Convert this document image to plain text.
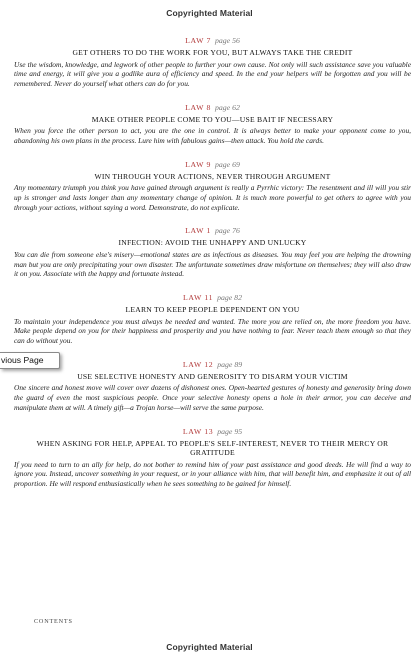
Copyrighted Material
LAW 7 page 56
GET OTHERS TO DO THE WORK FOR YOU, BUT ALWAYS TAKE THE CREDIT
Use the wisdom, knowledge, and legwork of other people to further your own cause. Not only will such assistance save you valuable time and energy, it will give you a godlike aura of efficiency and speed. In the end your helpers will be forgotten and you will be remembered. Never do yourself what others can do for you.
LAW 8 page 62
MAKE OTHER PEOPLE COME TO YOU—USE BAIT IF NECESSARY
When you force the other person to act, you are the one in control. It is always better to make your opponent come to you, abandoning his own plans in the process. Lure him with fabulous gains—then attack. You hold the cards.
LAW 9 page 69
WIN THROUGH YOUR ACTIONS, NEVER THROUGH ARGUMENT
Any momentary triumph you think you have gained through argument is really a Pyrrhic victory: The resentment and ill will you stir up is stronger and lasts longer than any momentary change of opinion. It is much more powerful to get others to agree with you through your actions, without saying a word. Demonstrate, do not explicate.
LAW 1 page 76
INFECTION: AVOID THE UNHAPPY AND UNLUCKY
You can die from someone else's misery—emotional states are as infectious as diseases. You may feel you are helping the drowning man but you are only precipitating your own disaster. The unfortunate sometimes draw misfortune on themselves; they will also draw it on you. Associate with the happy and fortunate instead.
LAW 11 page 82
LEARN TO KEEP PEOPLE DEPENDENT ON YOU
To maintain your independence you must always be needed and wanted. The more you are relied on, the more freedom you have. Make people depend on you for their happiness and prosperity and you have nothing to fear. Never teach them enough so that they can do without you.
LAW 12 page 89
USE SELECTIVE HONESTY AND GENEROSITY TO DISARM YOUR VICTIM
One sincere and honest move will cover over dozens of dishonest ones. Open-hearted gestures of honesty and generosity bring down the guard of even the most suspicious people. Once your selective honesty opens a hole in their armor, you can deceive and manipulate them at will. A timely gift—a Trojan horse—will serve the same purpose.
LAW 13 page 95
WHEN ASKING FOR HELP, APPEAL TO PEOPLE'S SELF-INTEREST, NEVER TO THEIR MERCY OR GRATITUDE
If you need to turn to an ally for help, do not bother to remind him of your past assistance and good deeds. He will find a way to ignore you. Instead, uncover something in your request, or in your alliance with him, that will benefit him, and emphasize it out of all proportion. He will respond enthusiastically when he sees something to be gained for himself.
CONTENTS
Copyrighted Material
vious Page
